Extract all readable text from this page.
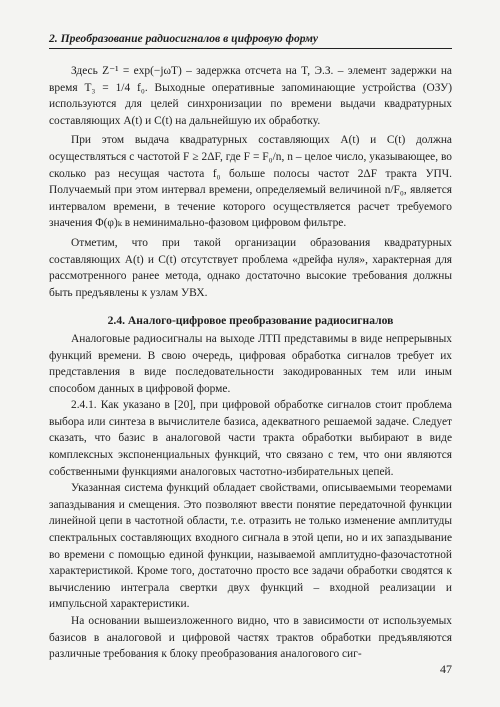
2. Преобразование радиосигналов в цифровую форму

Здесь Z⁻¹ = exp(−jωT) – задержка отсчета на T, Э.З. – элемент задержки на время T₃ = 1/4 f₀. Выходные оперативные запоминающие устройства (ОЗУ) используются для целей синхронизации по времени выдачи квадратурных составляющих A(t) и C(t) на дальнейшую их обработку.

При этом выдача квадратурных составляющих A(t) и C(t) должна осуществляться с частотой F ≥ 2ΔF, где F = F₀/n, n – целое число, указывающее, во сколько раз несущая частота f₀ больше полосы частот 2ΔF тракта УПЧ. Получаемый при этом интервал времени, определяемый величиной n/F₀, является интервалом времени, в течение которого осуществляется расчет требуемого значения Φ(φ)ₖ в неминимально-фазовом цифровом фильтре.

Отметим, что при такой организации образования квадратурных составляющих A(t) и C(t) отсутствует проблема «дрейфа нуля», характерная для рассмотренного ранее метода, однако достаточно высокие требования должны быть предъявлены к узлам УВХ.

2.4. Аналого-цифровое преобразование радиосигналов

Аналоговые радиосигналы на выходе ЛТП представимы в виде непрерывных функций времени. В свою очередь, цифровая обработка сигналов требует их представления в виде последовательности закодированных тем или иным способом данных в цифровой форме.

2.4.1. Как указано в [20], при цифровой обработке сигналов стоит проблема выбора или синтеза в вычислителе базиса, адекватного решаемой задаче. Следует сказать, что базис в аналоговой части тракта обработки выбирают в виде комплексных экспоненциальных функций, что связано с тем, что они являются собственными функциями аналоговых частотно-избирательных цепей.

Указанная система функций обладает свойствами, описываемыми теоремами запаздывания и смещения. Это позволяют ввести понятие передаточной функции линейной цепи в частотной области, т.е. отразить не только изменение амплитуды спектральных составляющих входного сигнала в этой цепи, но и их запаздывание во времени с помощью единой функции, называемой амплитудно-фазочастотной характеристикой. Кроме того, достаточно просто все задачи обработки сводятся к вычислению интеграла свертки двух функций – входной реализации и импульсной характеристики.

На основании вышеизложенного видно, что в зависимости от используемых базисов в аналоговой и цифровой частях трактов обработки предъявляются различные требования к блоку преобразования аналогового сиг-

47
